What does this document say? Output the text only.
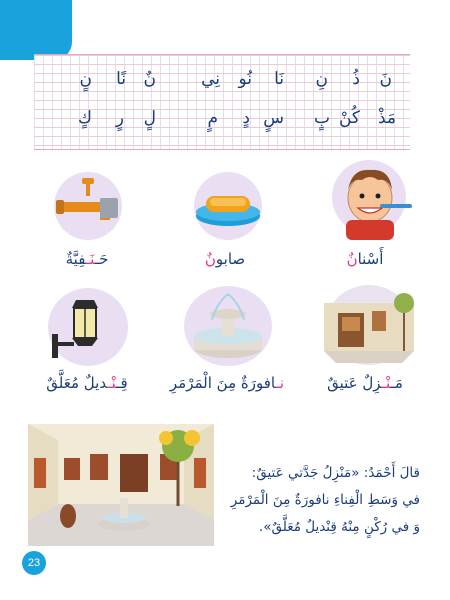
نَ
ذُ
نِ
نَا
نُو
نِي
نٌ
نًا
نٍ
مَذْ
كُنْ
بٍ
سٍ
دٍ
مٍ
لٍ
رٍ
كٍ
أَسْنانٌ
صابونٌ
حَـنَـفِيَّةٌ
مَـنْـزِلٌ عَتيقٌ
نـافورَةٌ مِنَ الْمَرْمَرِ
قِـنْـديلٌ مُعَلَّقٌ
قالَ أَحْمَدُ: «مَنْزِلُ جَدَّتي عَتيقٌ:
في وَسَطِ الْفِناءِ نافورَةٌ مِنَ الْمَرْمَرِ
وَ في رُكْنٍ مِنْهُ قِنْديلٌ مُعَلَّقٌ».
23
